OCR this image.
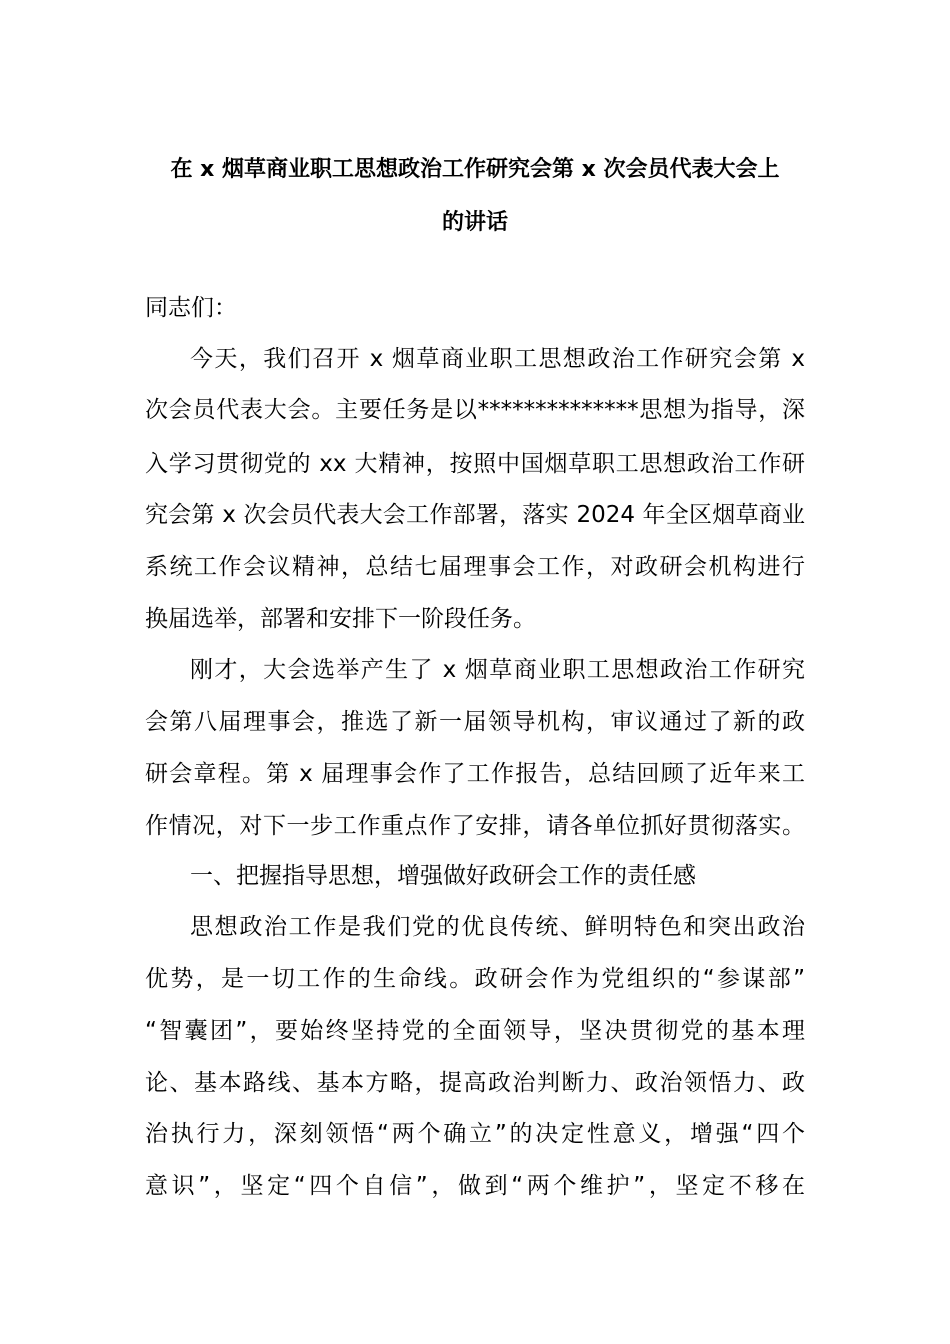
在 x 烟草商业职工思想政治工作研究会第 x 次会员代表大会上
的讲话
同志们：
今天，我们召开 x 烟草商业职工思想政治工作研究会第 x
次会员代表大会。主要任务是以**************思想为指导，深
入学习贯彻党的 xx 大精神，按照中国烟草职工思想政治工作研
究会第 x 次会员代表大会工作部署，落实 2024 年全区烟草商业
系统工作会议精神，总结七届理事会工作，对政研会机构进行
换届选举，部署和安排下一阶段任务。
刚才，大会选举产生了 x 烟草商业职工思想政治工作研究
会第八届理事会，推选了新一届领导机构，审议通过了新的政
研会章程。第 x 届理事会作了工作报告，总结回顾了近年来工
作情况，对下一步工作重点作了安排，请各单位抓好贯彻落实。
一、把握指导思想，增强做好政研会工作的责任感
思想政治工作是我们党的优良传统、鲜明特色和突出政治
优势，是一切工作的生命线。政研会作为党组织的“参谋部”
“智囊团”，要始终坚持党的全面领导，坚决贯彻党的基本理
论、基本路线、基本方略，提高政治判断力、政治领悟力、政
治执行力，深刻领悟“两个确立”的决定性意义，增强“四个
意识”，坚定“四个自信”，做到“两个维护”，坚定不移在
